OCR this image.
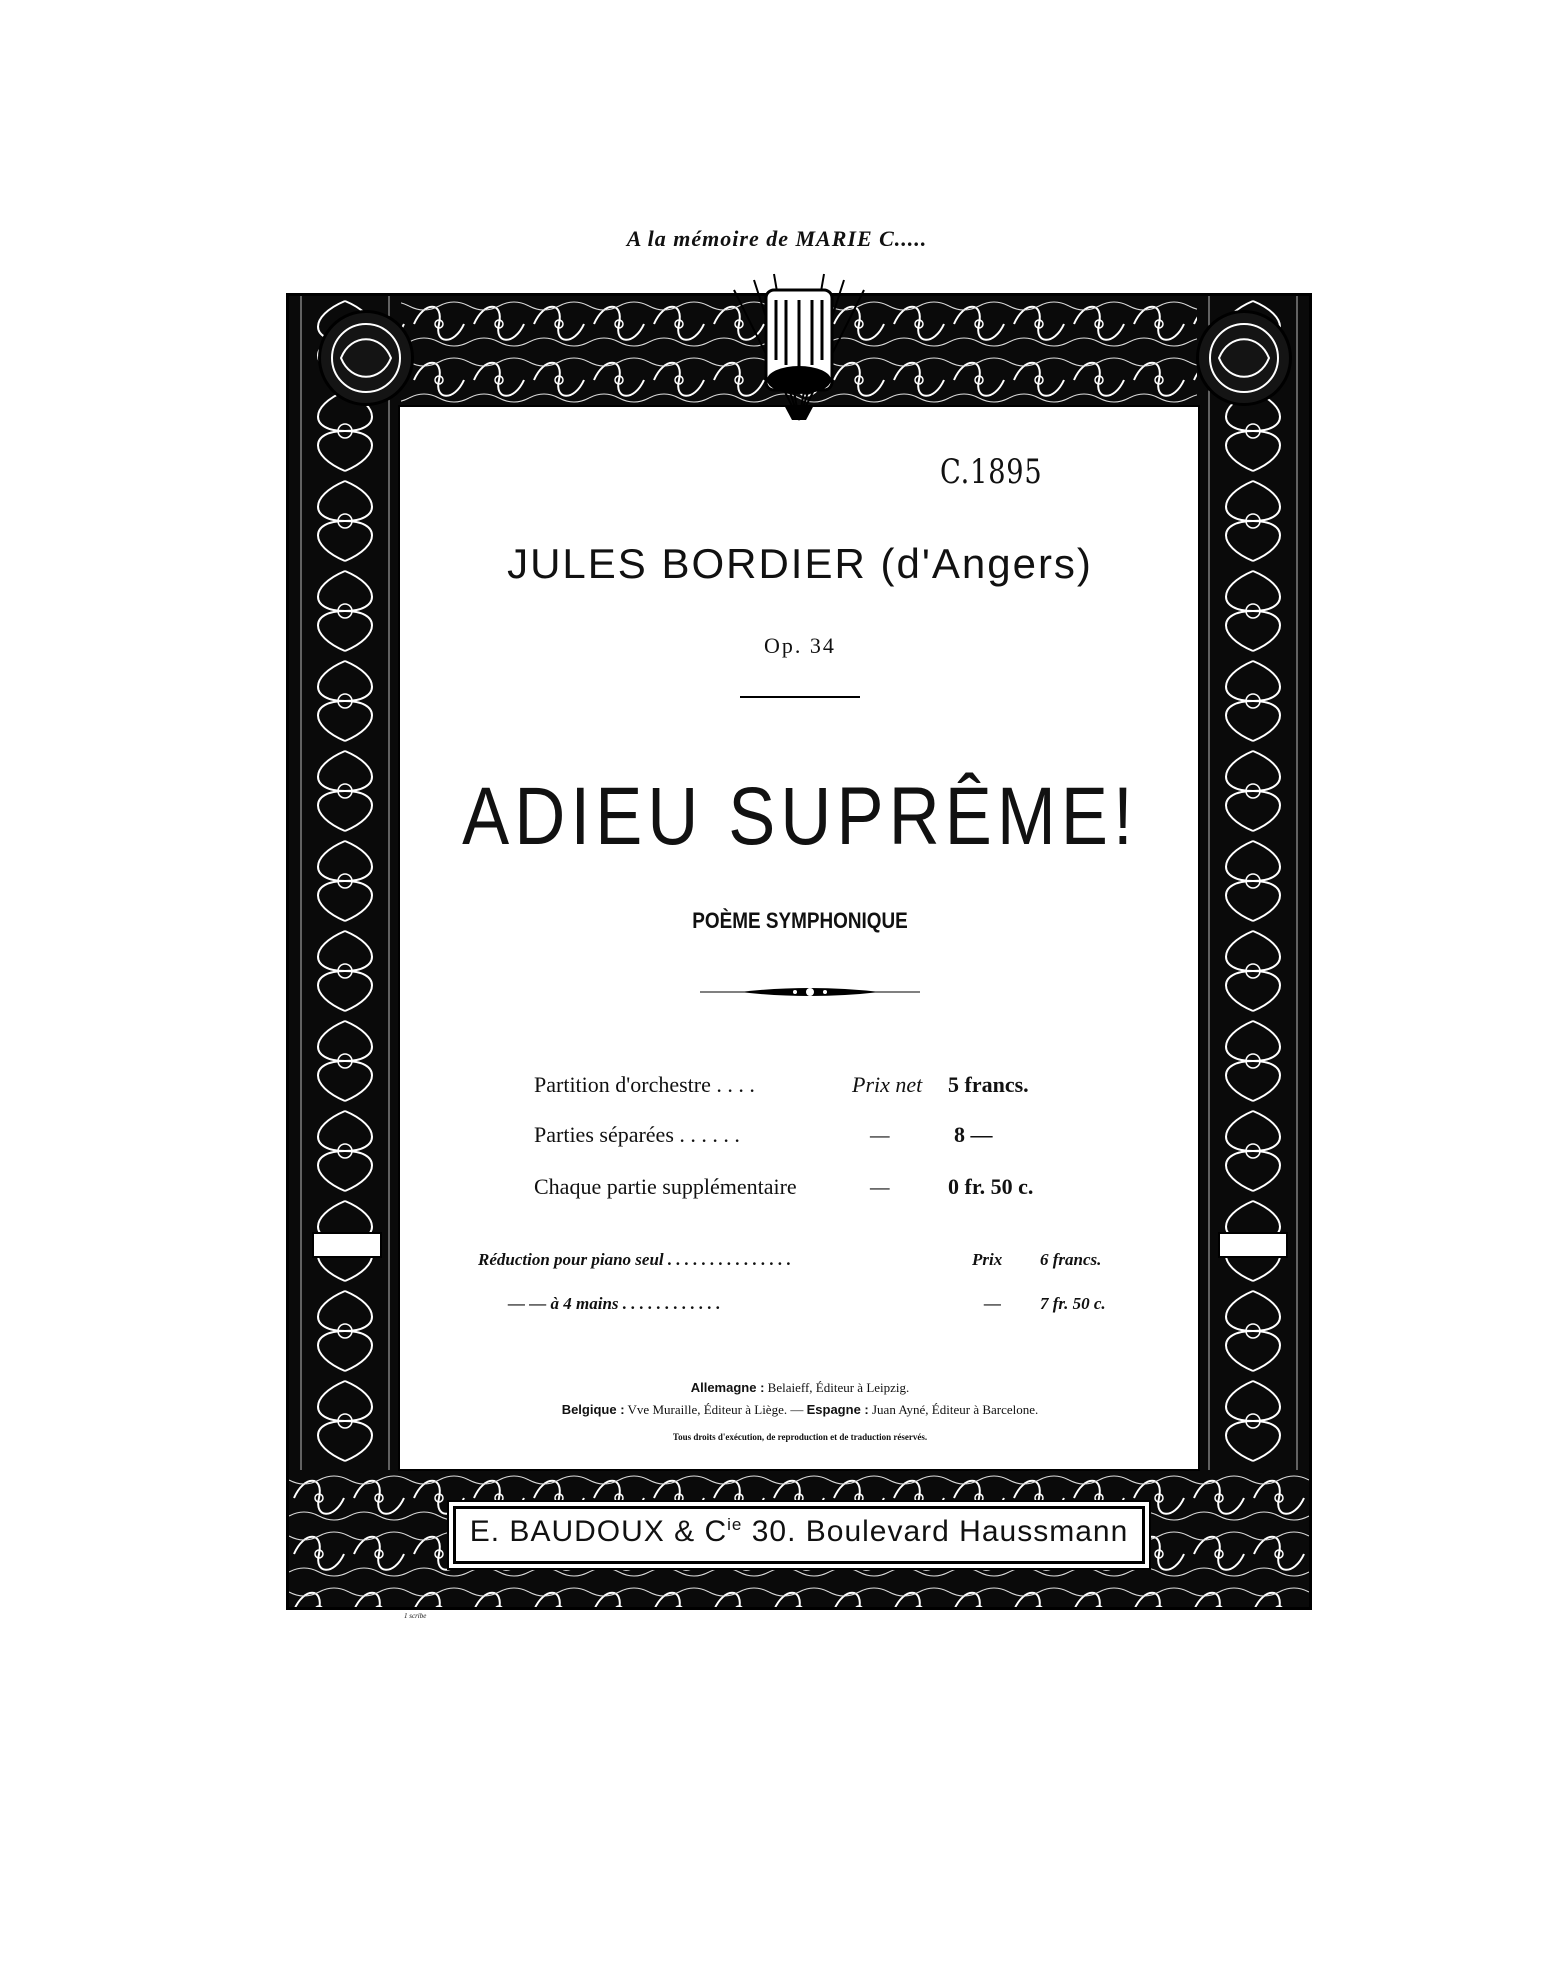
A la mémoire de MARIE C.....
C.1895
JULES BORDIER (d'Angers)
Op. 34
ADIEU SUPRÊME!
POÈME SYMPHONIQUE
Partition d'orchestre . . . .	Prix net 5 francs.
Parties séparées . . . . . .	—	8 —
Chaque partie supplémentaire	—	0 fr. 50 c.
Réduction pour piano seul . . . . . . . . . . . . . . .	Prix 6 francs.
— — à 4 mains . . . . . . . . . . . .	— 7 fr. 50 c.
Allemagne : Belaieff, Éditeur à Leipzig.
Belgique : Vve Muraille, Éditeur à Liège. — Espagne : Juan Ayné, Éditeur à Barcelone.
Tous droits d'exécution, de reproduction et de traduction réservés.
E. BAUDOUX & $C^{ie}$ 30. Boulevard Haussmann
1 scribe
